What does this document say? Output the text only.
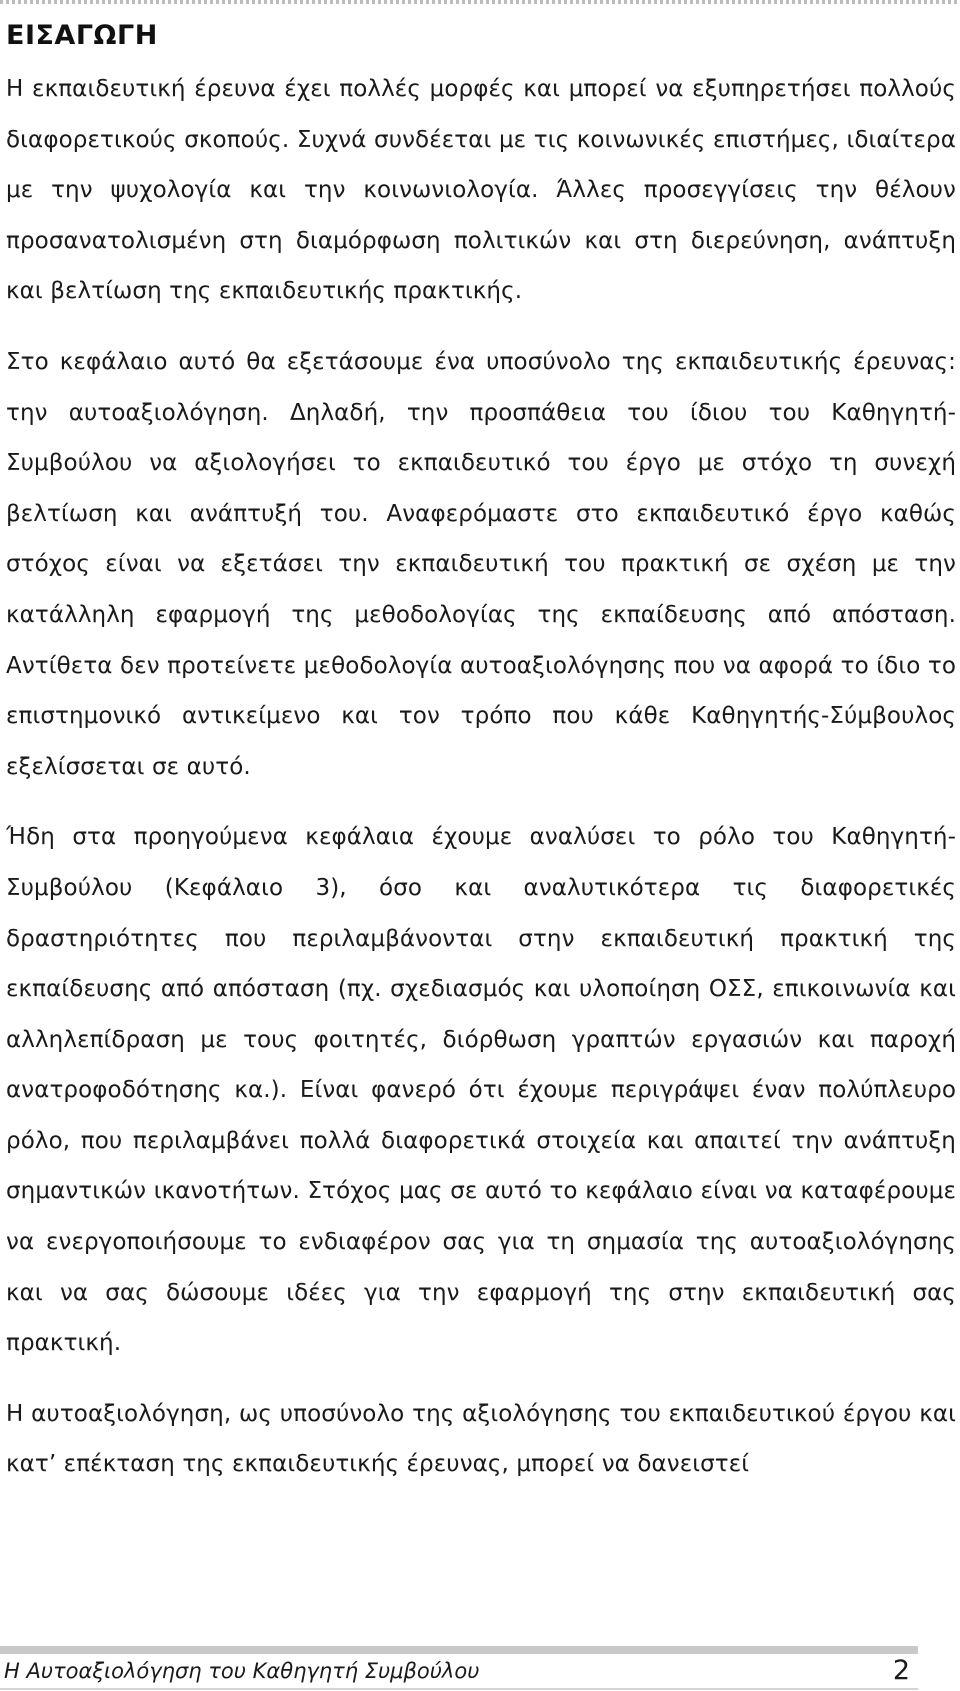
ΕΙΣΑΓΩΓΗ

Η εκπαιδευτική έρευνα έχει πολλές μορφές και μπορεί να εξυπηρετήσει πολλούς διαφορετικούς σκοπούς. Συχνά συνδέεται με τις κοινωνικές επιστήμες, ιδιαίτερα με την ψυχολογία και την κοινωνιολογία. Άλλες προσεγγίσεις την θέλουν προσανατολισμένη στη διαμόρφωση πολιτικών και στη διερεύνηση, ανάπτυξη και βελτίωση της εκπαιδευτικής πρακτικής.

Στο κεφάλαιο αυτό θα εξετάσουμε ένα υποσύνολο της εκπαιδευτικής έρευνας: την αυτοαξιολόγηση. Δηλαδή, την προσπάθεια του ίδιου του Καθηγητή-Συμβούλου να αξιολογήσει το εκπαιδευτικό του έργο με στόχο τη συνεχή βελτίωση και ανάπτυξή του. Αναφερόμαστε στο εκπαιδευτικό έργο καθώς στόχος είναι να εξετάσει την εκπαιδευτική του πρακτική σε σχέση με την κατάλληλη εφαρμογή της μεθοδολογίας της εκπαίδευσης από απόσταση. Αντίθετα δεν προτείνετε μεθοδολογία αυτοαξιολόγησης που να αφορά το ίδιο το επιστημονικό αντικείμενο και τον τρόπο που κάθε Καθηγητής-Σύμβουλος εξελίσσεται σε αυτό.

Ήδη στα προηγούμενα κεφάλαια έχουμε αναλύσει το ρόλο του Καθηγητή-Συμβούλου (Κεφάλαιο 3), όσο και αναλυτικότερα τις διαφορετικές δραστηριότητες που περιλαμβάνονται στην εκπαιδευτική πρακτική της εκπαίδευσης από απόσταση (πχ. σχεδιασμός και υλοποίηση ΟΣΣ, επικοινωνία και αλληλεπίδραση με τους φοιτητές, διόρθωση γραπτών εργασιών και παροχή ανατροφοδότησης κα.). Είναι φανερό ότι έχουμε περιγράψει έναν πολύπλευρο ρόλο, που περιλαμβάνει πολλά διαφορετικά στοιχεία και απαιτεί την ανάπτυξη σημαντικών ικανοτήτων. Στόχος μας σε αυτό το κεφάλαιο είναι να καταφέρουμε να ενεργοποιήσουμε το ενδιαφέρον σας για τη σημασία της αυτοαξιολόγησης και να σας δώσουμε ιδέες για την εφαρμογή της στην εκπαιδευτική σας πρακτική.

Η αυτοαξιολόγηση, ως υποσύνολο της αξιολόγησης του εκπαιδευτικού έργου και κατ’ επέκταση της εκπαιδευτικής έρευνας, μπορεί να δανειστεί

Η Αυτοαξιολόγηση του Καθηγητή Συμβούλου	2
